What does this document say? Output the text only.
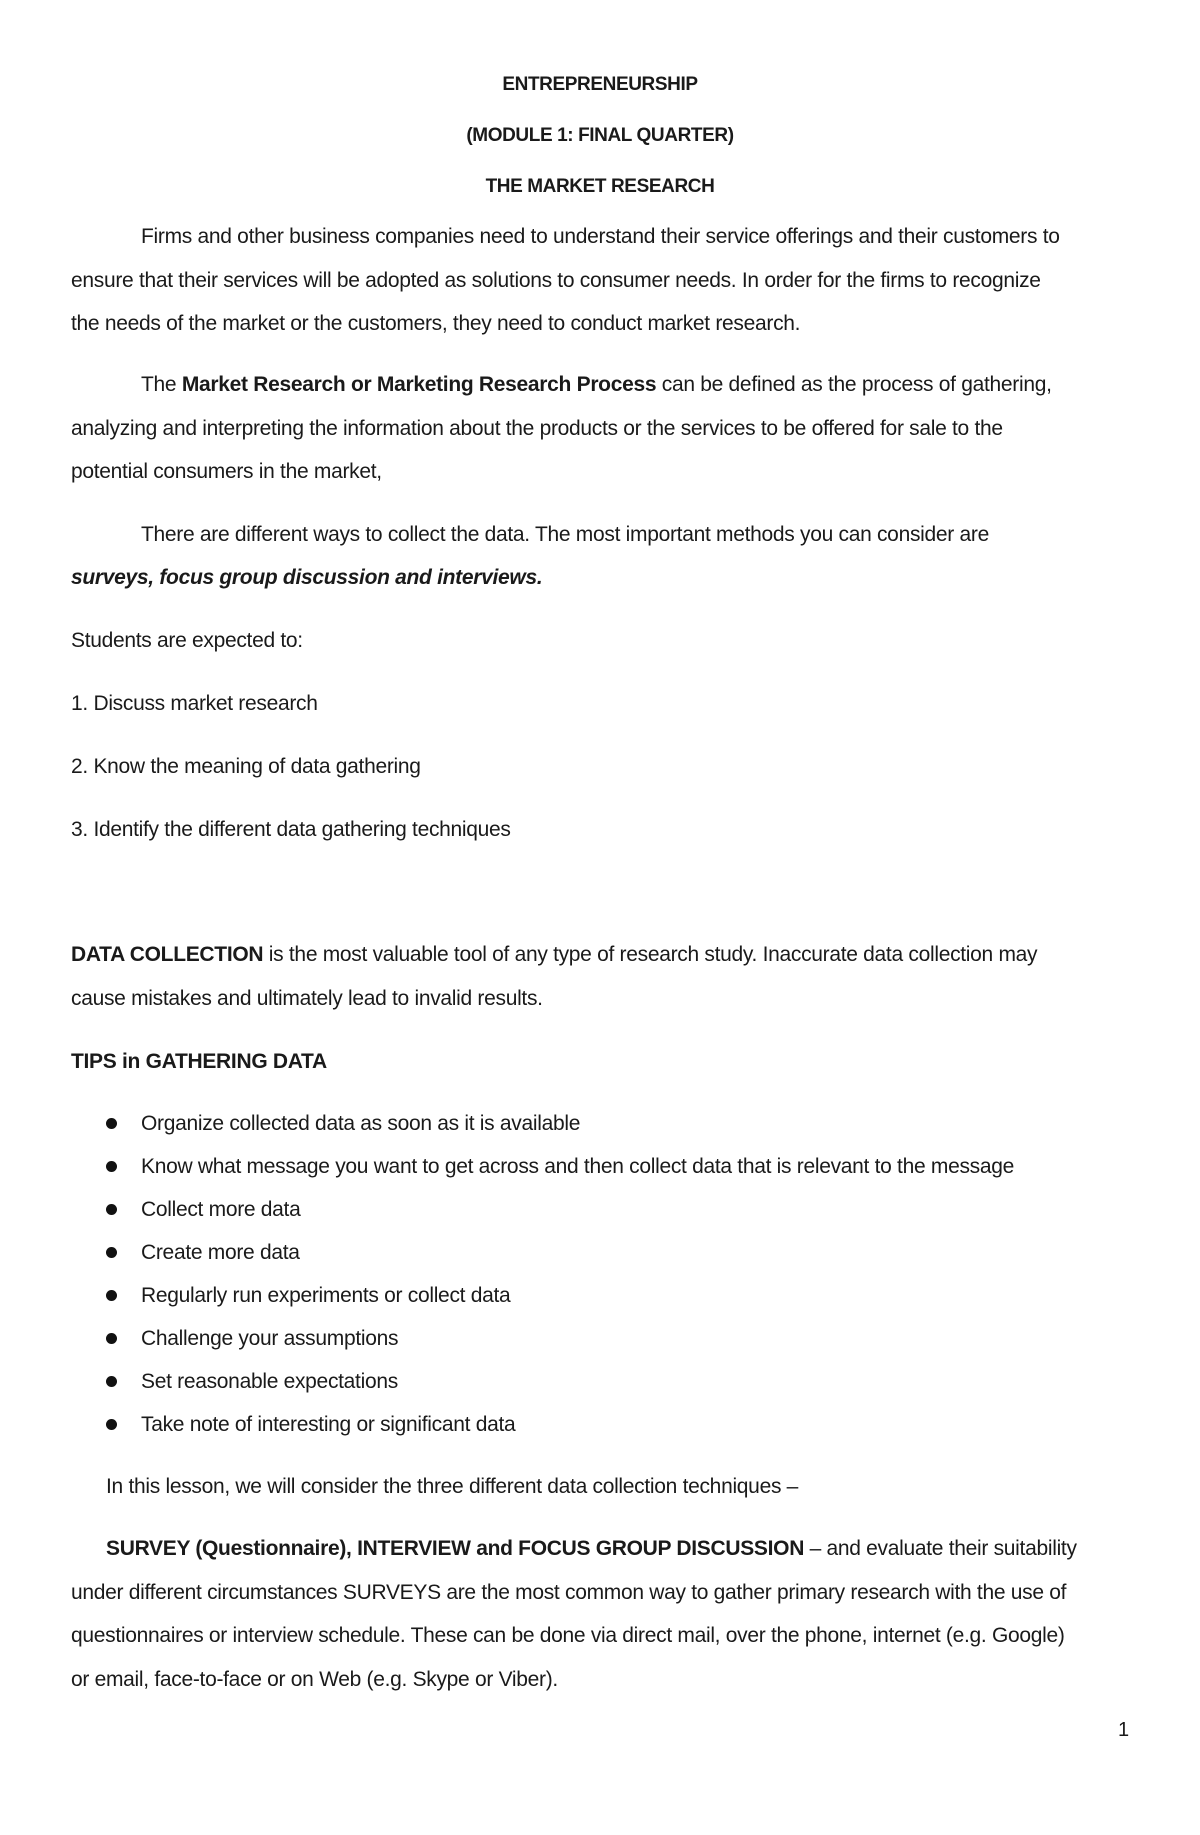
ENTREPRENEURSHIP
(MODULE 1: FINAL QUARTER)
THE MARKET RESEARCH
Firms and other business companies need to understand their service offerings and their customers to
ensure that their services will be adopted as solutions to consumer needs. In order for the firms to recognize
the needs of the market or the customers, they need to conduct market research.
The Market Research or Marketing Research Process can be defined as the process of gathering,
analyzing and interpreting the information about the products or the services to be offered for sale to the
potential consumers in the market,
There are different ways to collect the data. The most important methods you can consider are
surveys, focus group discussion and interviews.
Students are expected to:
1. Discuss market research
2. Know the meaning of data gathering
3. Identify the different data gathering techniques
DATA COLLECTION is the most valuable tool of any type of research study. Inaccurate data collection may
cause mistakes and ultimately lead to invalid results.
TIPS in GATHERING DATA
Organize collected data as soon as it is available
Know what message you want to get across and then collect data that is relevant to the message
Collect more data
Create more data
Regularly run experiments or collect data
Challenge your assumptions
Set reasonable expectations
Take note of interesting or significant data
In this lesson, we will consider the three different data collection techniques –
SURVEY (Questionnaire), INTERVIEW and FOCUS GROUP DISCUSSION – and evaluate their suitability
under different circumstances SURVEYS are the most common way to gather primary research with the use of
questionnaires or interview schedule. These can be done via direct mail, over the phone, internet (e.g. Google)
or email, face-to-face or on Web (e.g. Skype or Viber).
1
